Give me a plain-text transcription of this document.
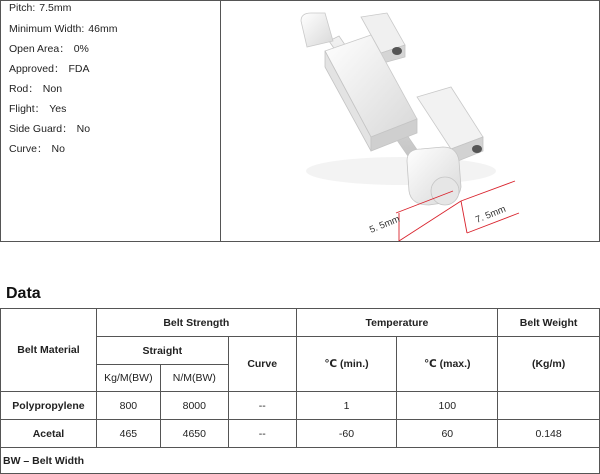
Pitch: 7.5mm
Minimum Width: 46mm
Open Area： 0%
Approved： FDA
Rod： Non
Flight： Yes
Side Guard： No
Curve： No
5. 5mm	7. 5mm
Data
Belt Material	Belt Strength			Temperature		Belt Weight
	Straight		Curve	℃ (min.)	℃ (max.)	(Kg/m)
	Kg/M(BW)	N/M(BW)				
Polypropylene	800	8000	--	1	100	
Acetal	465	4650	--	-60	60	0.148
BW – Belt Width						
